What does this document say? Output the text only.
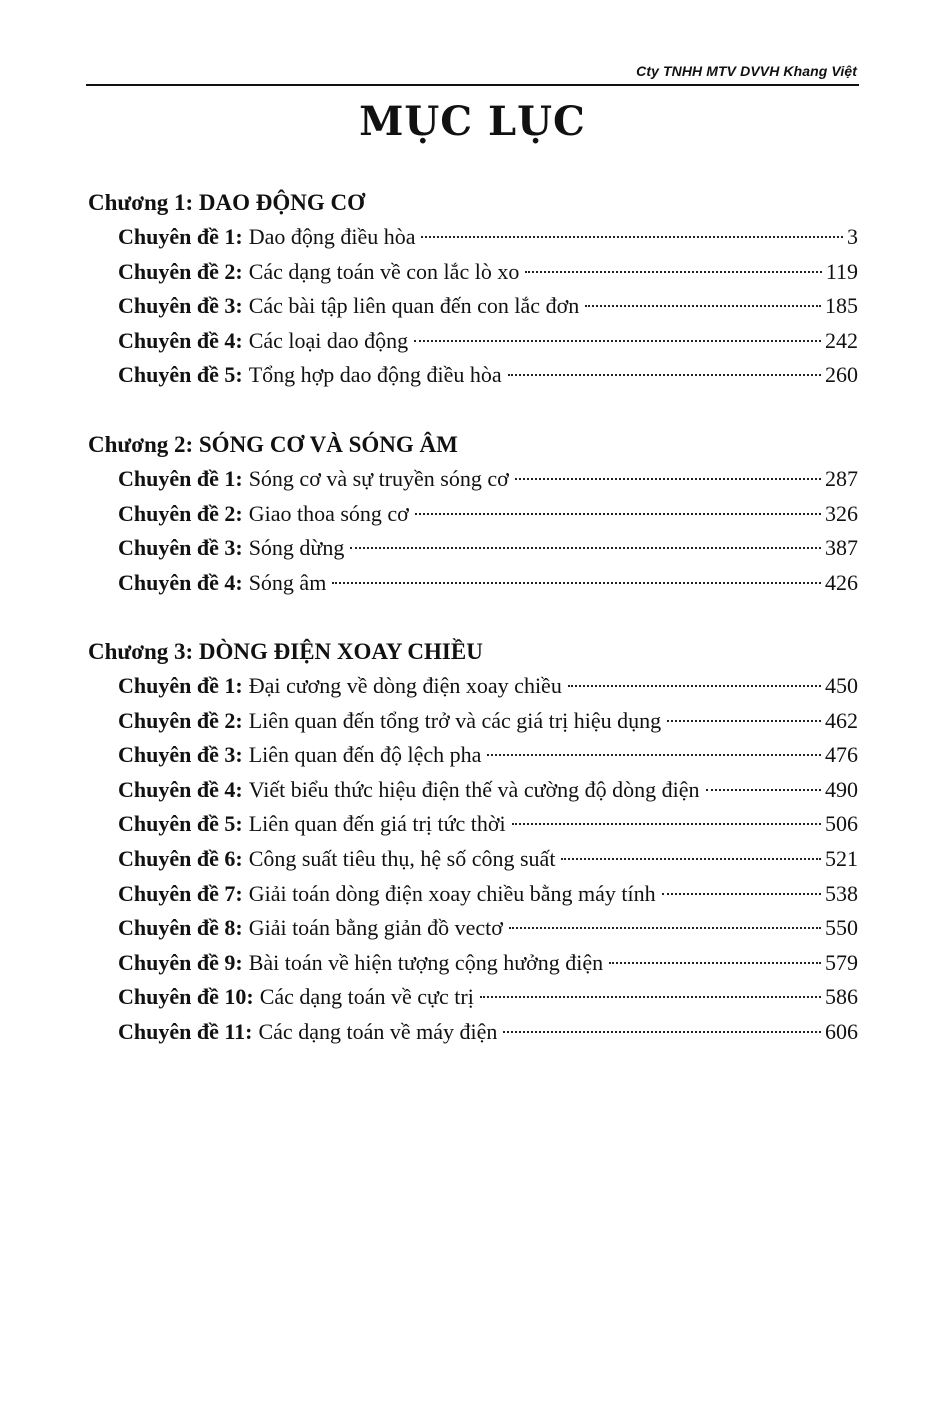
Cty TNHH MTV DVVH Khang Việt
MỤC LỤC
Chương 1: DAO ĐỘNG CƠ
Chuyên đề 1: Dao động điều hòa	3
Chuyên đề 2: Các dạng toán về con lắc lò xo	119
Chuyên đề 3: Các bài tập liên quan đến con lắc đơn	185
Chuyên đề 4: Các loại dao động	242
Chuyên đề 5: Tổng hợp dao động điều hòa	260
Chương 2: SÓNG CƠ VÀ SÓNG ÂM
Chuyên đề 1: Sóng cơ và sự truyền sóng cơ	287
Chuyên đề 2: Giao thoa sóng cơ	326
Chuyên đề 3: Sóng dừng	387
Chuyên đề 4: Sóng âm	426
Chương 3: DÒNG ĐIỆN XOAY CHIỀU
Chuyên đề 1: Đại cương về dòng điện xoay chiều	450
Chuyên đề 2: Liên quan đến tổng trở và các giá trị hiệu dụng	462
Chuyên đề 3: Liên quan đến độ lệch pha	476
Chuyên đề 4: Viết biểu thức hiệu điện thế và cường độ dòng điện	490
Chuyên đề 5: Liên quan đến giá trị tức thời	506
Chuyên đề 6: Công suất tiêu thụ, hệ số công suất	521
Chuyên đề 7: Giải toán dòng điện xoay chiều bằng máy tính	538
Chuyên đề 8: Giải toán bằng giản đồ vectơ	550
Chuyên đề 9: Bài toán về hiện tượng cộng hưởng điện	579
Chuyên đề 10: Các dạng toán về cực trị	586
Chuyên đề 11: Các dạng toán về máy điện	606
